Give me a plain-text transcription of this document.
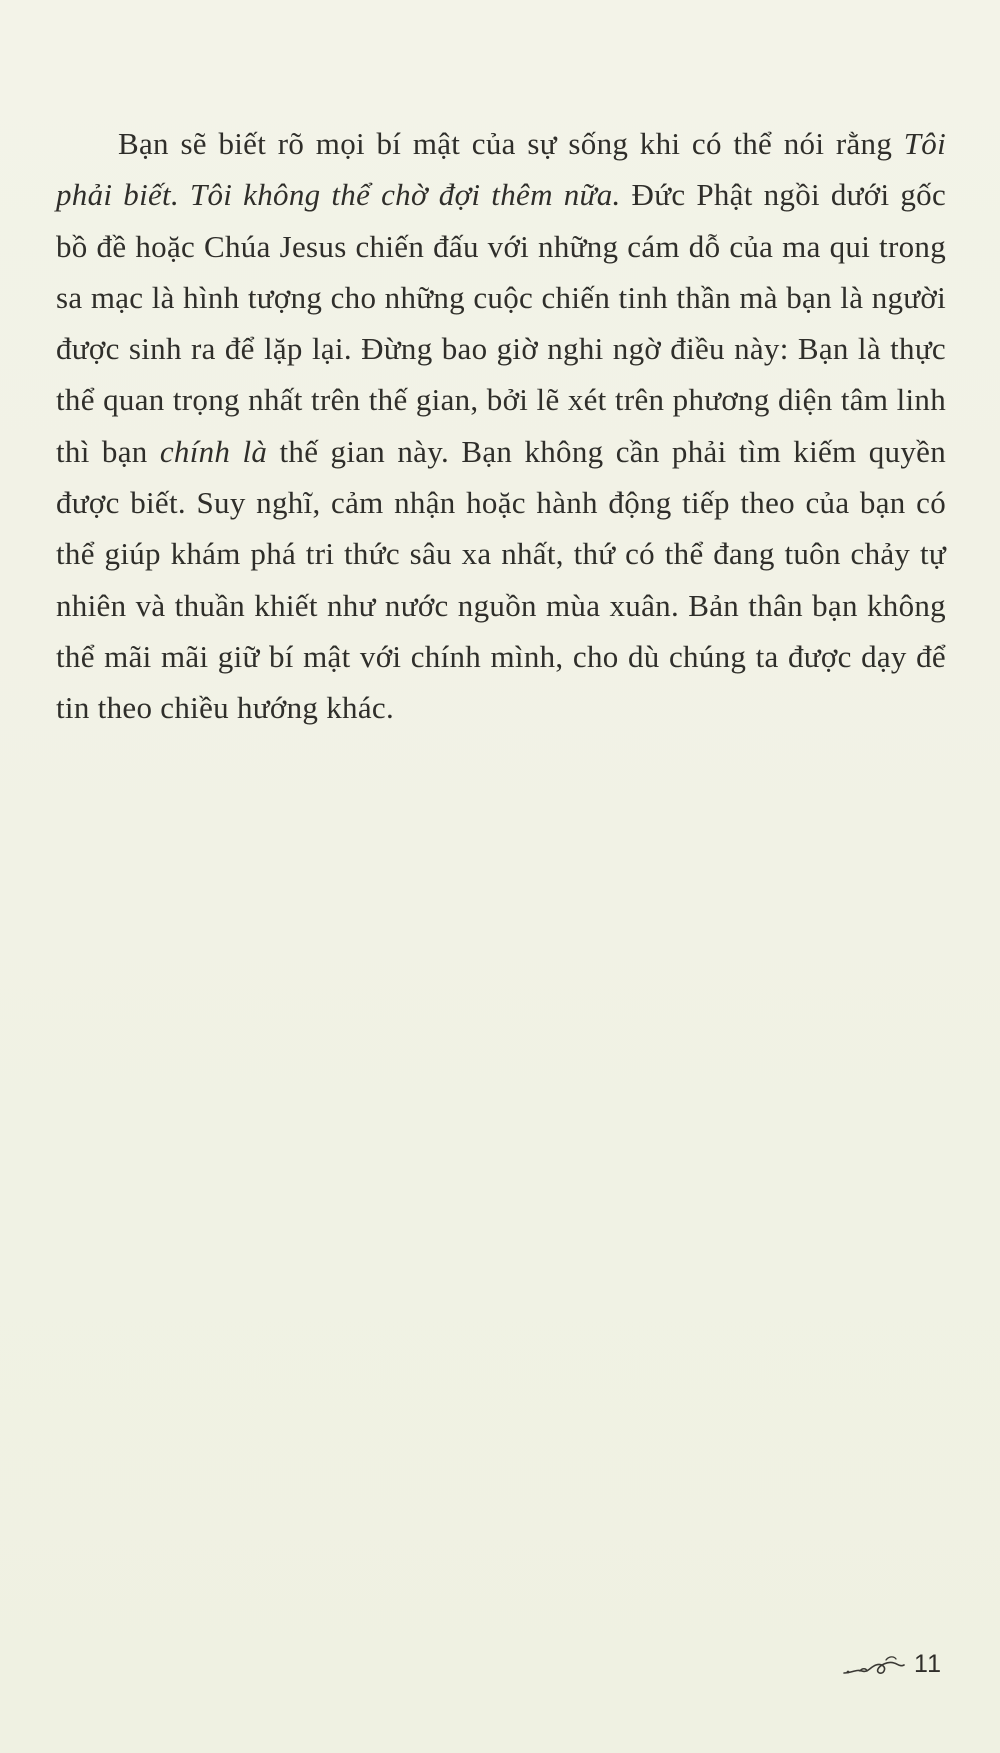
Bạn sẽ biết rõ mọi bí mật của sự sống khi có thể nói rằng Tôi phải biết. Tôi không thể chờ đợi thêm nữa. Đức Phật ngồi dưới gốc bồ đề hoặc Chúa Jesus chiến đấu với những cám dỗ của ma qui trong sa mạc là hình tượng cho những cuộc chiến tinh thần mà bạn là người được sinh ra để lặp lại. Đừng bao giờ nghi ngờ điều này: Bạn là thực thể quan trọng nhất trên thế gian, bởi lẽ xét trên phương diện tâm linh thì bạn chính là thế gian này. Bạn không cần phải tìm kiếm quyền được biết. Suy nghĩ, cảm nhận hoặc hành động tiếp theo của bạn có thể giúp khám phá tri thức sâu xa nhất, thứ có thể đang tuôn chảy tự nhiên và thuần khiết như nước nguồn mùa xuân. Bản thân bạn không thể mãi mãi giữ bí mật với chính mình, cho dù chúng ta được dạy để tin theo chiều hướng khác.

11
